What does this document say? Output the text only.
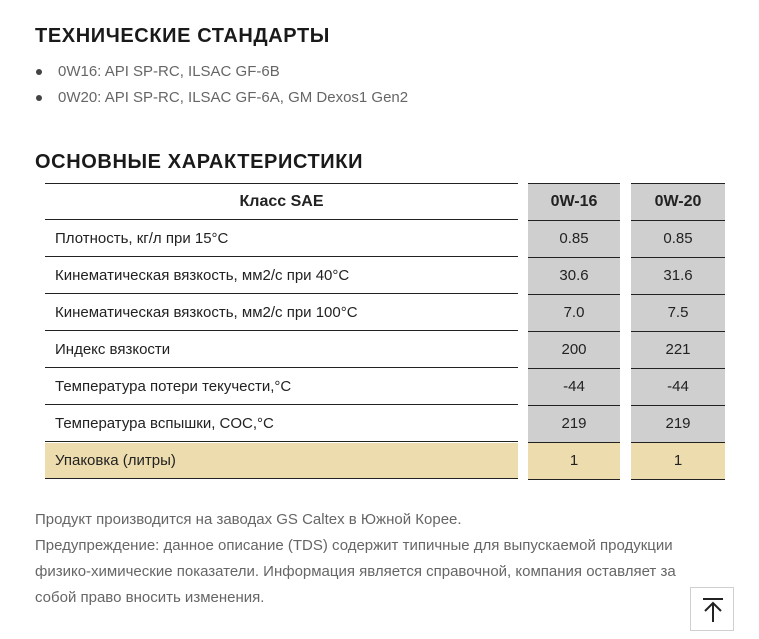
ТЕХНИЧЕСКИЕ СТАНДАРТЫ
0W16: API SP-RC, ILSAC GF-6B
0W20: API SP-RC, ILSAC GF-6A, GM Dexos1 Gen2
ОСНОВНЫЕ ХАРАКТЕРИСТИКИ
Класс SAE	0W-16	0W-20
Плотность, кг/л при 15°C	0.85	0.85
Кинематическая вязкость, мм2/с при 40°C	30.6	31.6
Кинематическая вязкость, мм2/с при 100°C	7.0	7.5
Индекс вязкости	200	221
Температура потери текучести,°C	-44	-44
Температура вспышки, COC,°C	219	219
Упаковка (литры)	1	1

Продукт производится на заводах GS Caltex в Южной Корее.

Предупреждение: данное описание (TDS) содержит типичные для выпускаемой продукции физико-химические показатели. Информация является справочной, компания оставляет за собой право вносить изменения.
